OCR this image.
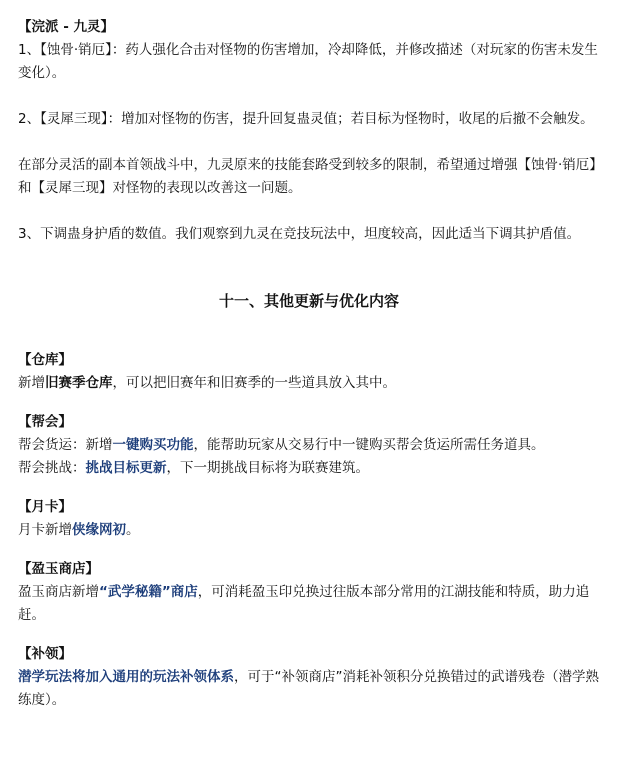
【浣派 - 九灵】

1、【蚀骨·销厄】：药人强化合击对怪物的伤害增加，冷却降低，并修改描述（对玩家的伤害未发生变化）。

2、【灵犀三现】：增加对怪物的伤害，提升回复蛊灵值；若目标为怪物时，收尾的后撤不会触发。

在部分灵活的副本首领战斗中，九灵原来的技能套路受到较多的限制，希望通过增强【蚀骨·销厄】和【灵犀三现】对怪物的表现以改善这一问题。

3、下调蛊身护盾的数值。我们观察到九灵在竞技玩法中，坦度较高，因此适当下调其护盾值。

十一、其他更新与优化内容

【仓库】

新增旧赛季仓库，可以把旧赛年和旧赛季的一些道具放入其中。

【帮会】

帮会货运：新增一键购买功能，能帮助玩家从交易行中一键购买帮会货运所需任务道具。

帮会挑战：挑战目标更新，下一期挑战目标将为联赛建筑。

【月卡】

月卡新增侠缘网初。

【盈玉商店】

盈玉商店新增“武学秘籍”商店，可消耗盈玉印兑换过往版本部分常用的江湖技能和特质，助力追赶。

【补领】

潜学玩法将加入通用的玩法补领体系，可于“补领商店”消耗补领积分兑换错过的武谱残卷（潜学熟练度）。
